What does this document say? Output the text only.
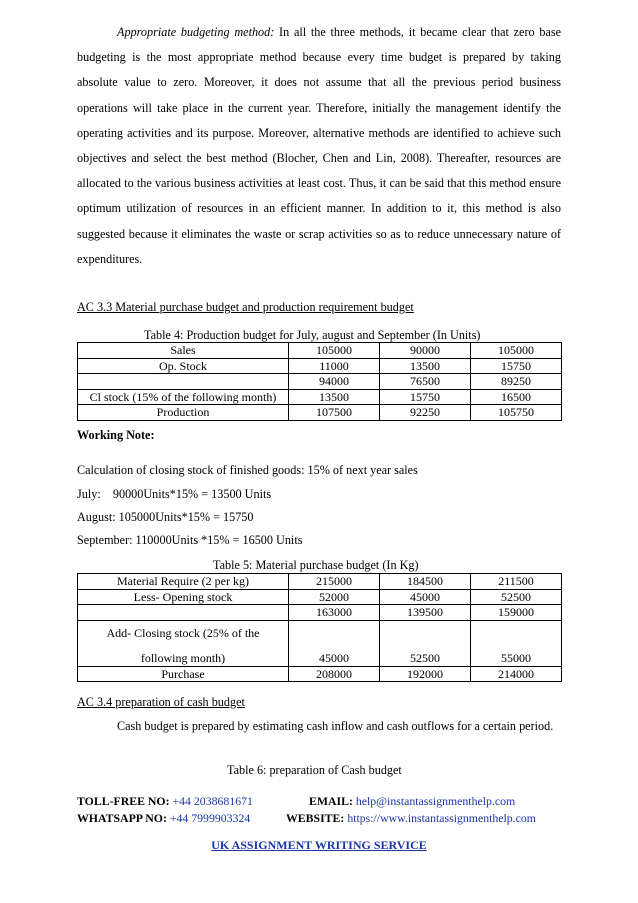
Appropriate budgeting method: In all the three methods, it became clear that zero base budgeting is the most appropriate method because every time budget is prepared by taking absolute value to zero. Moreover, it does not assume that all the previous period business operations will take place in the current year. Therefore, initially the management identify the operating activities and its purpose. Moreover, alternative methods are identified to achieve such objectives and select the best method (Blocher, Chen and Lin, 2008). Thereafter, resources are allocated to the various business activities at least cost. Thus, it can be said that this method ensure optimum utilization of resources in an efficient manner. In addition to it, this method is also suggested because it eliminates the waste or scrap activities so as to reduce unnecessary nature of expenditures.

AC 3.3 Material purchase budget and production requirement budget
Table 4: Production budget for July, august and September (In Units)
Sales	105000	90000	105000
Op. Stock	11000	13500	15750
	94000	76500	89250
Cl stock (15% of the following month)	13500	15750	16500
Production	107500	92250	105750
Working Note:
Calculation of closing stock of finished goods: 15% of next year sales
July:    90000Units*15% = 13500 Units
August: 105000Units*15% = 15750
September: 110000Units *15% = 16500 Units
Table 5: Material purchase budget (In Kg)
Material Require (2 per kg)	215000	184500	211500
Less- Opening stock	52000	45000	52500
	163000	139500	159000

Add- Closing stock (25% of the
following month)	45000	52500	55000
Purchase	208000	192000	214000
AC 3.4 preparation of cash budget

Cash budget is prepared by estimating cash inflow and cash outflows for a certain period.

Table 6: preparation of Cash budget
TOLL-FREE NO: +44 2038681671	EMAIL: help@instantassignmenthelp.com
WHATSAPP NO: +44 7999903324	WEBSITE: https://www.instantassignmenthelp.com
UK ASSIGNMENT WRITING SERVICE
